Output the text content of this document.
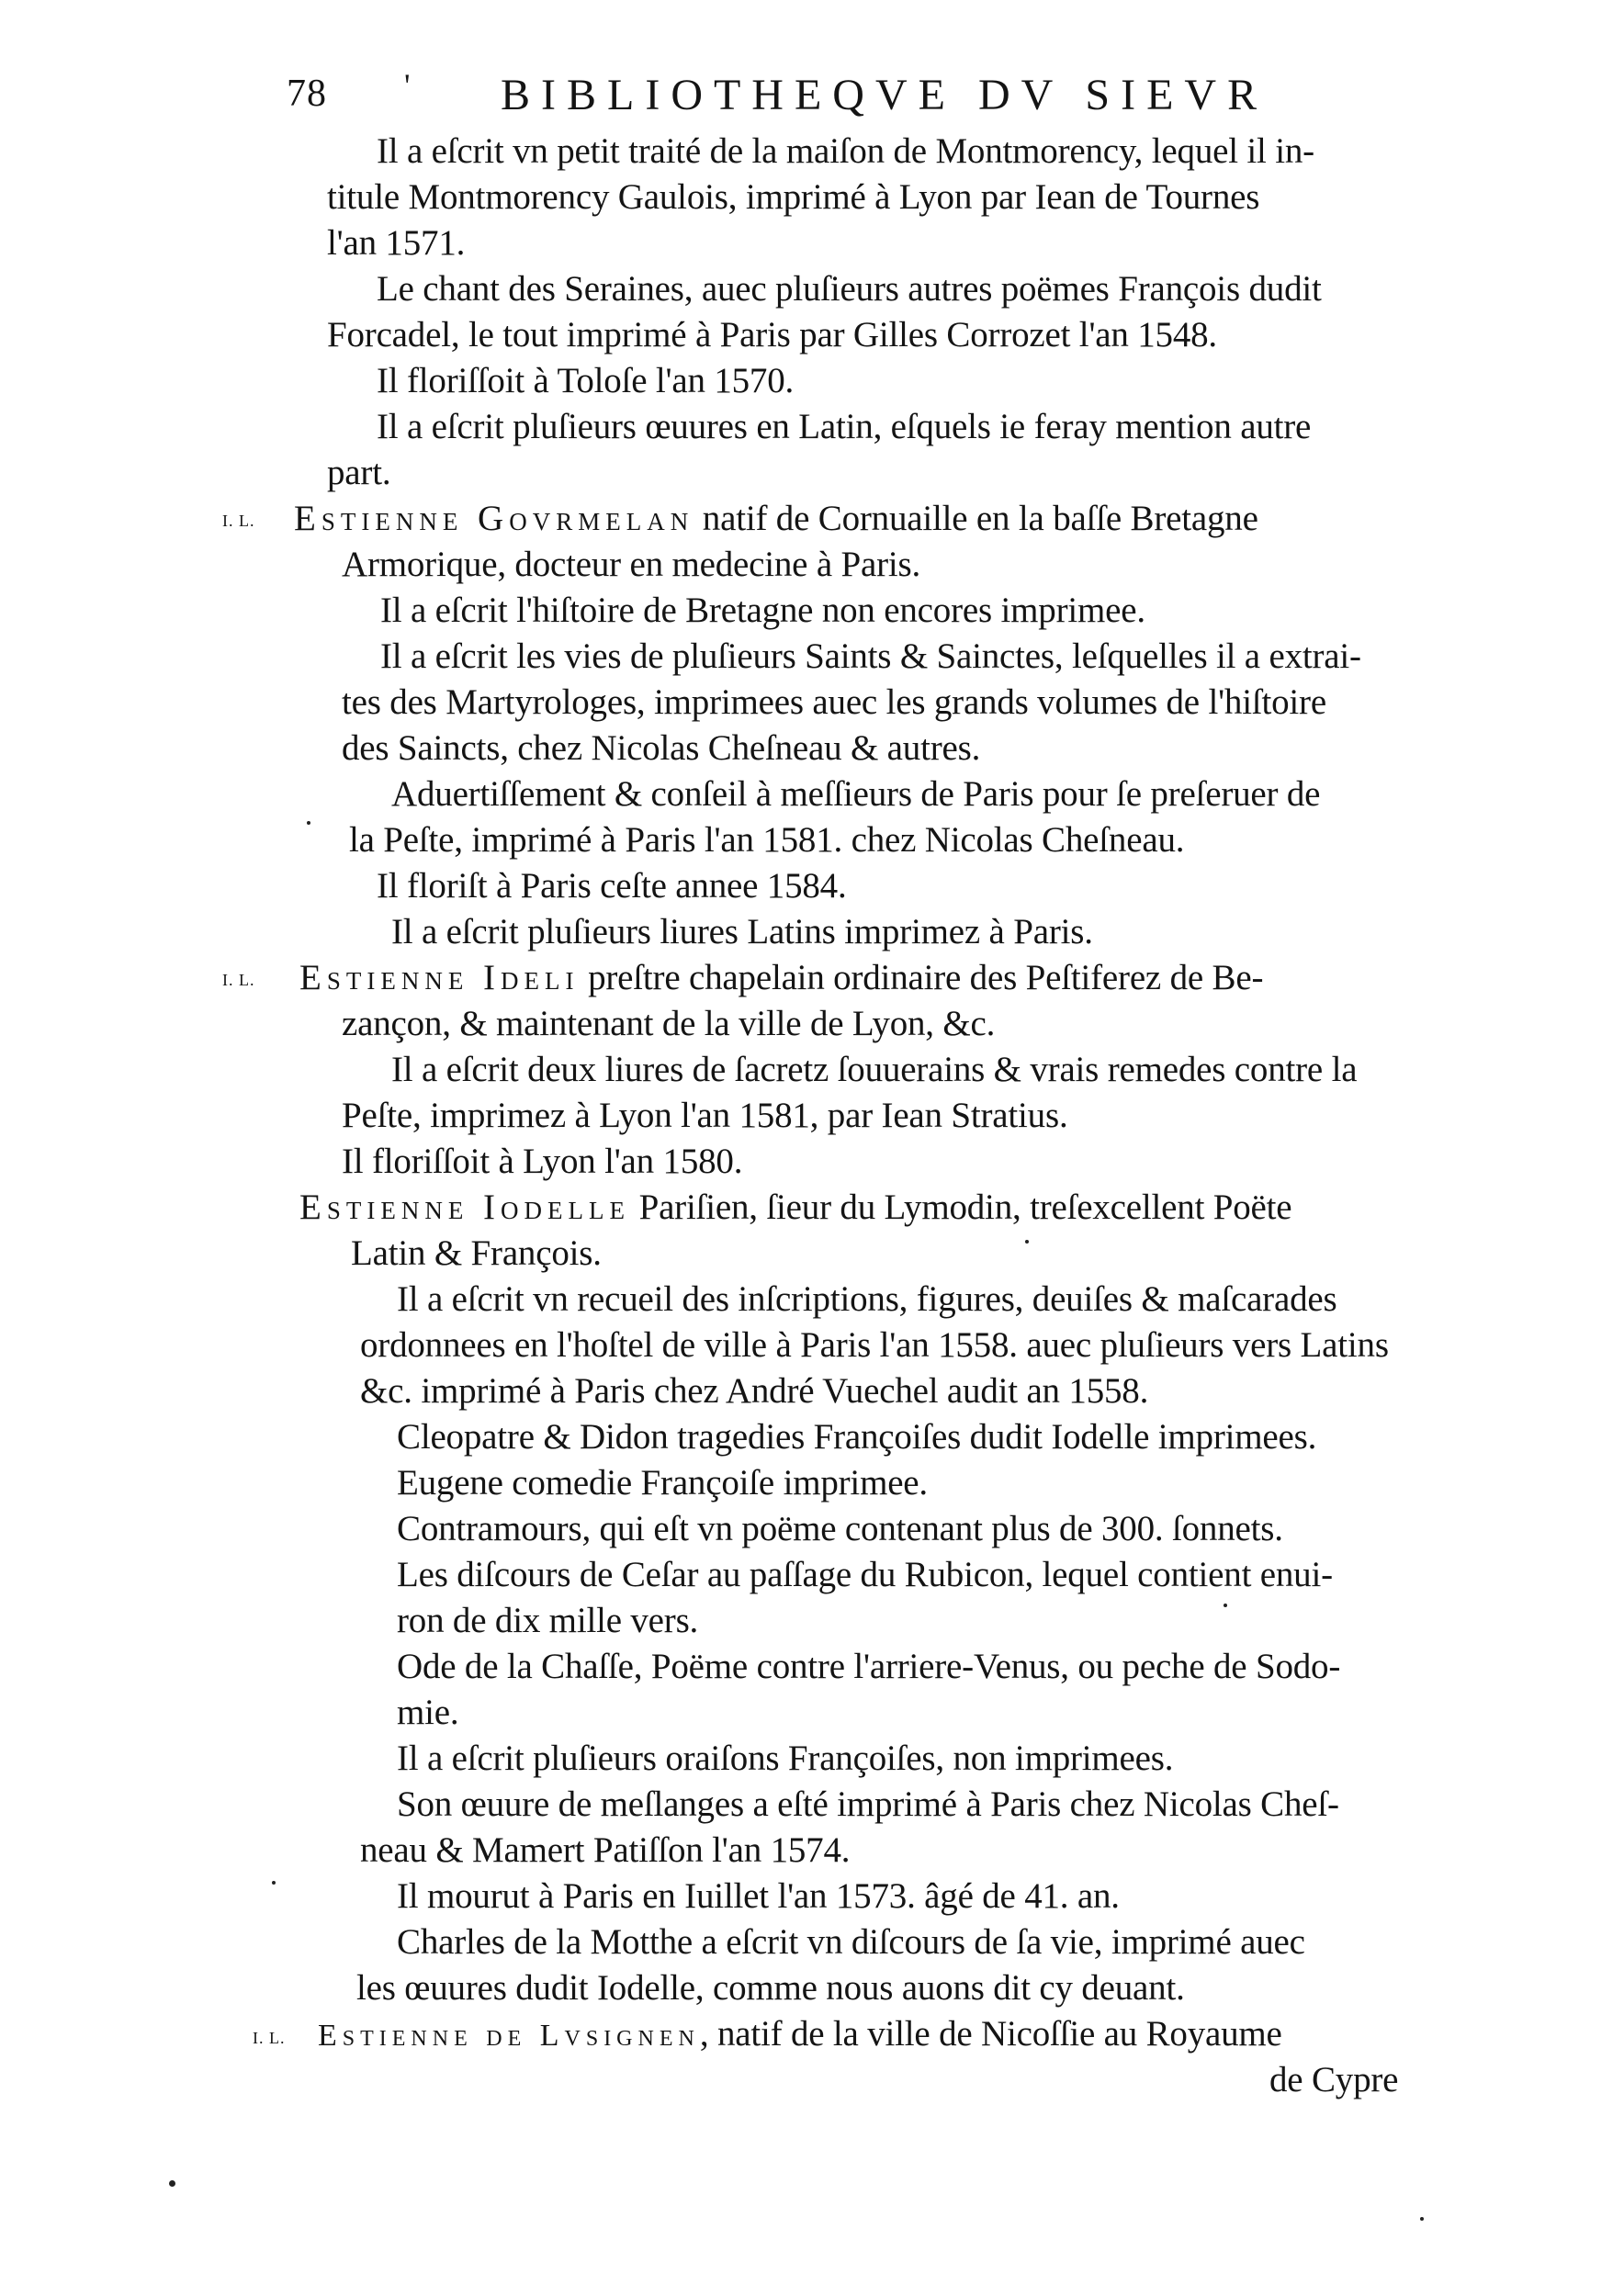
78 ' BIBLIOTHEQVE DV SIEVR
Il a eſcrit vn petit traité de la maiſon de Montmorency, lequel il in-
titule Montmorency Gaulois, imprimé à Lyon par Iean de Tournes
l'an 1571.
Le chant des Seraines, auec pluſieurs autres poëmes François dudit
Forcadel, le tout imprimé à Paris par Gilles Corrozet l'an 1548.
Il floriſſoit à Toloſe l'an 1570.
Il a eſcrit pluſieurs œuures en Latin, eſquels ie feray mention autre
part.
I. L. Estienne Govrmelan natif de Cornuaille en la baſſe Bretagne
Armorique, docteur en medecine à Paris.
Il a eſcrit l'hiſtoire de Bretagne non encores imprimee.
Il a eſcrit les vies de pluſieurs Saints & Sainctes, leſquelles il a extrai-
tes des Martyrologes, imprimees auec les grands volumes de l'hiſtoire
des Saincts, chez Nicolas Cheſneau & autres.
Aduertiſſement & conſeil à meſſieurs de Paris pour ſe preſeruer de
la Peſte, imprimé à Paris l'an 1581. chez Nicolas Cheſneau.
Il floriſt à Paris ceſte annee 1584.
Il a eſcrit pluſieurs liures Latins imprimez à Paris.
I. L. Estienne Ideli preſtre chapelain ordinaire des Peſtiferez de Be-
zançon, & maintenant de la ville de Lyon, &c.
Il a eſcrit deux liures de ſacretz ſouuerains & vrais remedes contre la
Peſte, imprimez à Lyon l'an 1581, par Iean Stratius.
Il floriſſoit à Lyon l'an 1580.
Estienne Iodelle Pariſien, ſieur du Lymodin, treſexcellent Poëte
Latin & François.
Il a eſcrit vn recueil des inſcriptions, figures, deuiſes & maſcarades
ordonnees en l'hoſtel de ville à Paris l'an 1558. auec pluſieurs vers Latins
&c. imprimé à Paris chez André Vuechel audit an 1558.
Cleopatre & Didon tragedies Françoiſes dudit Iodelle imprimees.
Eugene comedie Françoiſe imprimee.
Contramours, qui eſt vn poëme contenant plus de 300. ſonnets.
Les diſcours de Ceſar au paſſage du Rubicon, lequel contient enui-
ron de dix mille vers.
Ode de la Chaſſe, Poëme contre l'arriere-Venus, ou peche de Sodo-
mie.
Il a eſcrit pluſieurs oraiſons Françoiſes, non imprimees.
Son œuure de meſlanges a eſté imprimé à Paris chez Nicolas Cheſ-
neau & Mamert Patiſſon l'an 1574.
Il mourut à Paris en Iuillet l'an 1573. âgé de 41. an.
Charles de la Motthe a eſcrit vn diſcours de ſa vie, imprimé auec
les œuures dudit Iodelle, comme nous auons dit cy deuant.
I. L. Estienne de Lvsignen, natif de la ville de Nicoſſie au Royaume
de Cypre
